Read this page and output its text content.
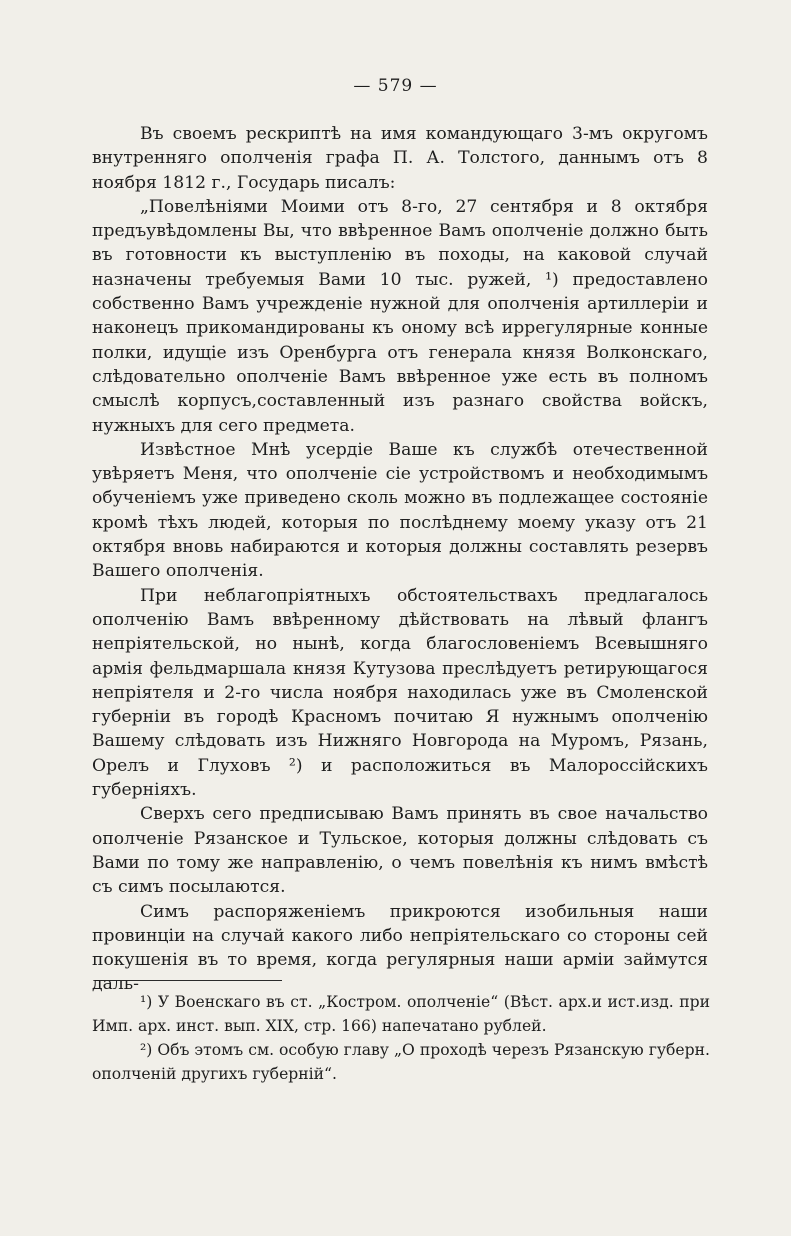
— 579 —

Въ своемъ рескриптѣ на имя командующаго 3-мъ округомъ внутренняго ополченія графа П. А. Толстого, даннымъ отъ 8 ноября 1812 г., Государь писалъ:

„Повелѣніями Моими отъ 8-го, 27 сентября и 8 октября предъувѣдомлены Вы, что ввѣренное Вамъ ополченіе должно быть въ готовности къ выступленію въ походы, на каковой случай назначены требуемыя Вами 10 тыс. ружей, ¹) предоставлено собственно Вамъ учрежденіе нужной для ополченія артиллеріи и наконецъ прикомандированы къ оному всѣ иррегулярные конные полки, идущіе изъ Оренбурга отъ генерала князя Волконскаго, слѣдовательно ополченіе Вамъ ввѣренное уже есть въ полномъ смыслѣ корпусъ,составленный изъ разнаго свойства войскъ, нужныхъ для сего предмета.

Извѣстное Мнѣ усердіе Ваше къ службѣ отечественной увѣряетъ Меня, что ополченіе сіе устройствомъ и необходимымъ обученіемъ уже приведено сколь можно въ подлежащее состояніе кромѣ тѣхъ людей, которыя по послѣднему моему указу отъ 21 октября вновь набираются и которыя должны составлять резервъ Вашего ополченія.

При неблагопріятныхъ обстоятельствахъ предлагалось ополченію Вамъ ввѣренному дѣйствовать на лѣвый флангъ непріятельской, но нынѣ, когда благословеніемъ Всевышняго армія фельдмаршала князя Кутузова преслѣдуетъ ретирующагося непріятеля и 2-го числа ноября находилась уже въ Смоленской губерніи въ городѣ Красномъ почитаю Я нужнымъ ополченію Вашему слѣдовать изъ Нижняго Новгорода на Муромъ, Рязань, Орелъ и Глуховъ ²) и расположиться въ Малороссійскихъ губерніяхъ.

Сверхъ сего предписываю Вамъ принять въ свое начальство ополченіе Рязанское и Тульское, которыя должны слѣдовать съ Вами по тому же направленію, о чемъ повелѣнія къ нимъ вмѣстѣ съ симъ посылаются.

Симъ распоряженіемъ прикроются изобильныя наши провинціи на случай какого либо непріятельскаго со стороны сей покушенія въ то время, когда регулярныя наши арміи займутся даль-

¹) У Военскаго въ ст. „Костром. ополченіе“ (Вѣст. арх.и ист.изд. при Имп. арх. инст. вып. XIX, стр. 166) напечатано рублей.

²) Объ этомъ см. особую главу „О проходѣ черезъ Рязанскую губерн. ополченій другихъ губерній“.
